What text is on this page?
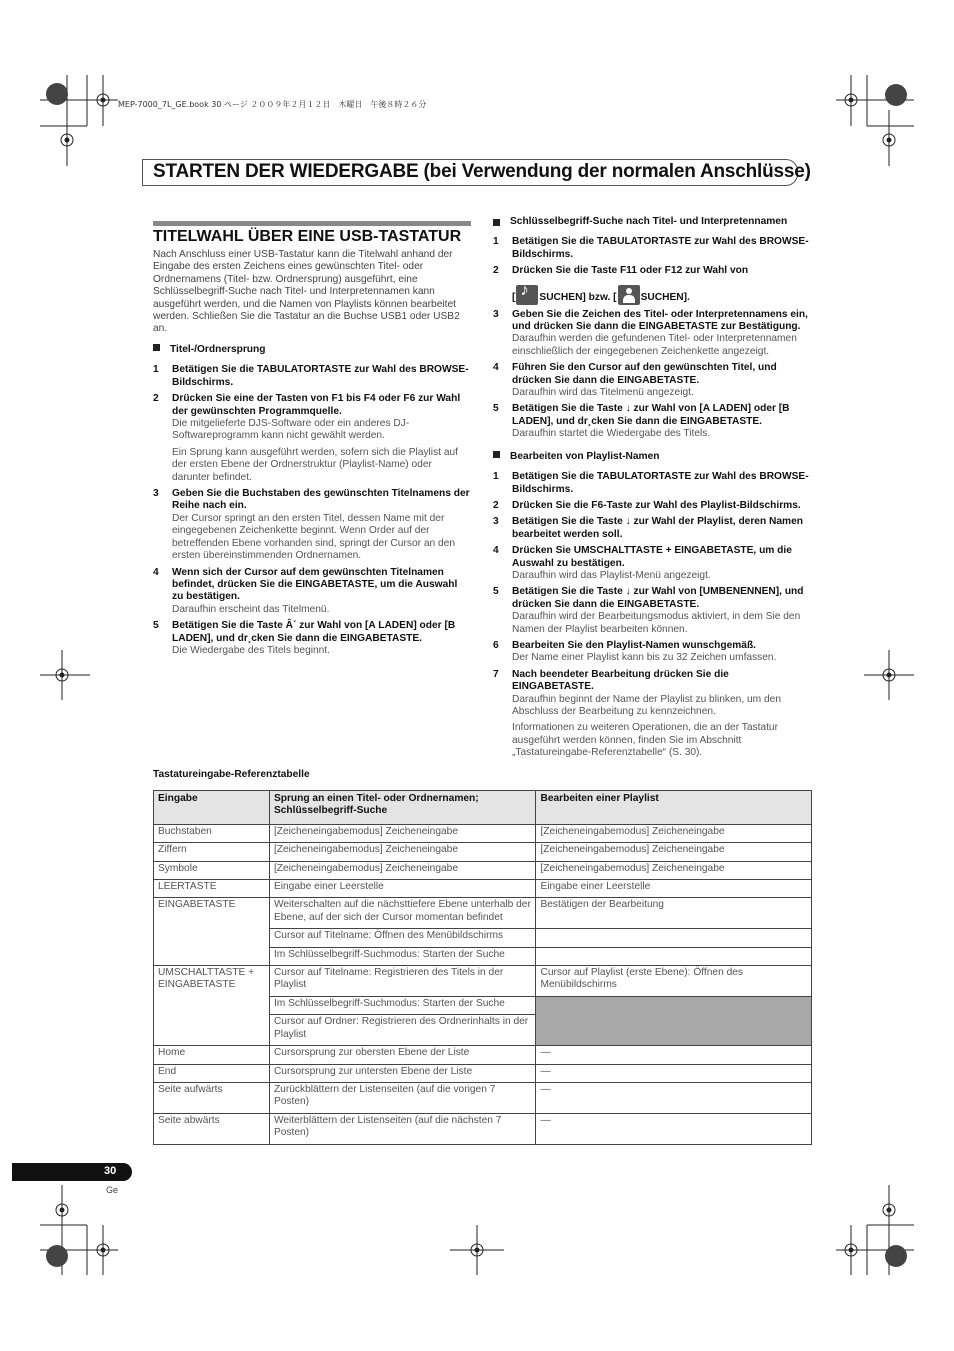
MEP-7000_7L_GE.book 30 ページ ２００９年２月１２日　木曜日　午後８時２６分
STARTEN DER WIEDERGABE (bei Verwendung der normalen Anschlüsse)
TITELWAHL ÜBER EINE USB-TASTATUR
Nach Anschluss einer USB-Tastatur kann die Titelwahl anhand der Eingabe des ersten Zeichens eines gewünschten Titel- oder Ordnernamens (Titel- bzw. Ordnersprung) ausgeführt, eine Schlüsselbegriff-Suche nach Titel- und Interpretennamen kann ausgeführt werden, und die Namen von Playlists können bearbeitet werden. Schließen Sie die Tastatur an die Buchse USB1 oder USB2 an.
Titel-/Ordnersprung
1	Betätigen Sie die TABULATORTASTE zur Wahl des BROWSE-Bildschirms.
2	Drücken Sie eine der Tasten von F1 bis F4 oder F6 zur Wahl der gewünschten Programmquelle.
Die mitgelieferte DJS-Software oder ein anderes DJ-Softwareprogramm kann nicht gewählt werden.
Ein Sprung kann ausgeführt werden, sofern sich die Playlist auf der ersten Ebene der Ordnerstruktur (Playlist-Name) oder darunter befindet.
3	Geben Sie die Buchstaben des gewünschten Titelnamens der Reihe nach ein.
Der Cursor springt an den ersten Titel, dessen Name mit der eingegebenen Zeichenkette beginnt. Wenn Order auf der betreffenden Ebene vorhanden sind, springt der Cursor an den ersten übereinstimmenden Ordnernamen.
4	Wenn sich der Cursor auf dem gewünschten Titelnamen befindet, drücken Sie die EINGABETASTE, um die Auswahl zu bestätigen.
Daraufhin erscheint das Titelmenü.
5	Betätigen Sie die Taste Â´ zur Wahl von [A LADEN] oder [B LADEN], und dr¸cken Sie dann die EINGABETASTE.
Die Wiedergabe des Titels beginnt.
Schlüsselbegriff-Suche nach Titel- und Interpretennamen
1	Betätigen Sie die TABULATORTASTE zur Wahl des BROWSE-Bildschirms.
2	Drücken Sie die Taste F11 oder F12 zur Wahl von
[ ♪ SUCHEN] bzw. [ SUCHEN].
3	Geben Sie die Zeichen des Titel- oder Interpretennamens ein, und drücken Sie dann die EINGABETASTE zur Bestätigung.
Daraufhin werden die gefundenen Titel- oder Interpretennamen einschließlich der eingegebenen Zeichenkette angezeigt.
4	Führen Sie den Cursor auf den gewünschten Titel, und drücken Sie dann die EINGABETASTE.
Daraufhin wird das Titelmenü angezeigt.
5	Betätigen Sie die Taste ↓ zur Wahl von [A LADEN] oder [B LADEN], und dr¸cken Sie dann die EINGABETASTE.
Daraufhin startet die Wiedergabe des Titels.
Bearbeiten von Playlist-Namen
1	Betätigen Sie die TABULATORTASTE zur Wahl des BROWSE-Bildschirms.
2	Drücken Sie die F6-Taste zur Wahl des Playlist-Bildschirms.
3	Betätigen Sie die Taste ↓ zur Wahl der Playlist, deren Namen bearbeitet werden soll.
4	Drücken Sie UMSCHALTTASTE + EINGABETASTE, um die Auswahl zu bestätigen.
Daraufhin wird das Playlist-Menü angezeigt.
5	Betätigen Sie die Taste ↓ zur Wahl von [UMBENENNEN], und drücken Sie dann die EINGABETASTE.
Daraufhin wird der Bearbeitungsmodus aktiviert, in dem Sie den Namen der Playlist bearbeiten können.
6	Bearbeiten Sie den Playlist-Namen wunschgemäß.
Der Name einer Playlist kann bis zu 32 Zeichen umfassen.
7	Nach beendeter Bearbeitung drücken Sie die EINGABETASTE.
Daraufhin beginnt der Name der Playlist zu blinken, um den Abschluss der Bearbeitung zu kennzeichnen.
Informationen zu weiteren Operationen, die an der Tastatur ausgeführt werden können, finden Sie im Abschnitt „Tastatureingabe-Referenztabelle“ (S. 30).
Tastatureingabe-Referenztabelle
Eingabe	Sprung an einen Titel- oder Ordnernamen; Schlüsselbegriff-Suche	Bearbeiten einer Playlist
Buchstaben	[Zeicheneingabemodus] Zeicheneingabe	[Zeicheneingabemodus] Zeicheneingabe
Ziffern	[Zeicheneingabemodus] Zeicheneingabe	[Zeicheneingabemodus] Zeicheneingabe
Symbole	[Zeicheneingabemodus] Zeicheneingabe	[Zeicheneingabemodus] Zeicheneingabe
LEERTASTE	Eingabe einer Leerstelle	Eingabe einer Leerstelle
EINGABETASTE	Weiterschalten auf die nächsttiefere Ebene unterhalb der Ebene, auf der sich der Cursor momentan befindet	Bestätigen der Bearbeitung
	Cursor auf Titelname: Öffnen des Menübildschirms	
	Im Schlüsselbegriff-Suchmodus: Starten der Suche	
UMSCHALTTASTE + EINGABETASTE	Cursor auf Titelname: Registrieren des Titels in der Playlist	Cursor auf Playlist (erste Ebene): Öffnen des Menübildschirms
	Im Schlüsselbegriff-Suchmodus: Starten der Suche	
	Cursor auf Ordner: Registrieren des Ordnerinhalts in der Playlist	
Home	Cursorsprung zur obersten Ebene der Liste	—
End	Cursorsprung zur untersten Ebene der Liste	—
Seite aufwärts	Zurückblättern der Listenseiten (auf die vorigen 7 Posten)	—
Seite abwärts	Weiterblättern der Listenseiten (auf die nächsten 7 Posten)	—
30
Ge
